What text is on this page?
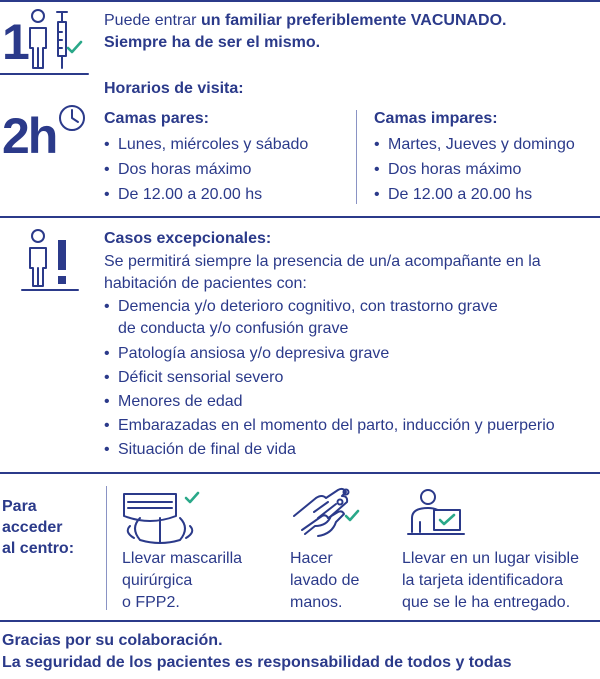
1	Puede entrar un familiar preferiblemente VACUNADO.
Siempre ha de ser el mismo.
Horarios de visita:
2h	Camas pares:
• Lunes, miércoles y sábado
• Dos horas máximo
• De 12.00 a 20.00 hs
Camas impares:
• Martes, Jueves y domingo
• Dos horas máximo
• De 12.00 a 20.00 hs
Casos excepcionales:
Se permitirá siempre la presencia de un/a acompañante en la
habitación de pacientes con:
• Demencia y/o deterioro cognitivo, con trastorno grave
de conducta y/o confusión grave
• Patología ansiosa y/o depresiva grave
• Déficit sensorial severo
• Menores de edad
• Embarazadas en el momento del parto, inducción y puerperio
• Situación de final de vida
Para
acceder
al centro:
Llevar mascarilla
quirúrgica
o FPP2.
Hacer
lavado de
manos.
Llevar en un lugar visible
la tarjeta identificadora
que se le ha entregado.
Gracias por su colaboración.
La seguridad de los pacientes es responsabilidad de todos y todas
